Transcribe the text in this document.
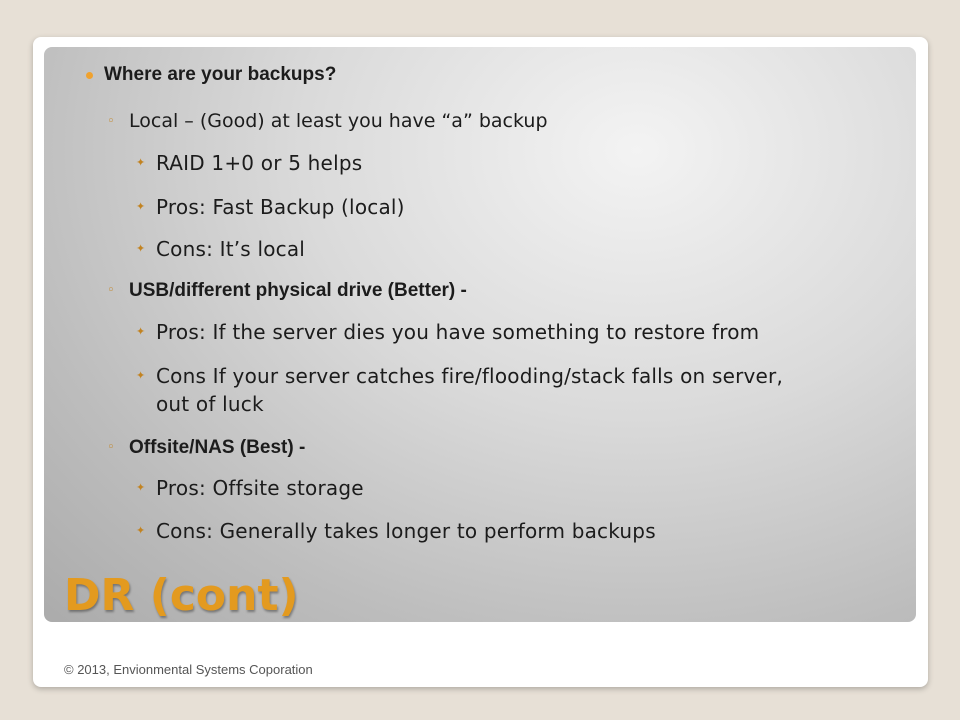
Where are your backups?
◦ Local – (Good) at least you have “a” backup
✦ RAID 1+0 or 5 helps
✦ Pros: Fast Backup (local)
✦ Cons: It’s local
◦ USB/different physical drive (Better) -
✦ Pros: If the server dies you have something to restore from
✦ Cons If your server catches fire/flooding/stack falls on server,
out of luck
◦ Offsite/NAS (Best) -
✦ Pros: Offsite storage
✦ Cons: Generally takes longer to perform backups
DR (cont)
© 2013, Envionmental Systems Coporation
